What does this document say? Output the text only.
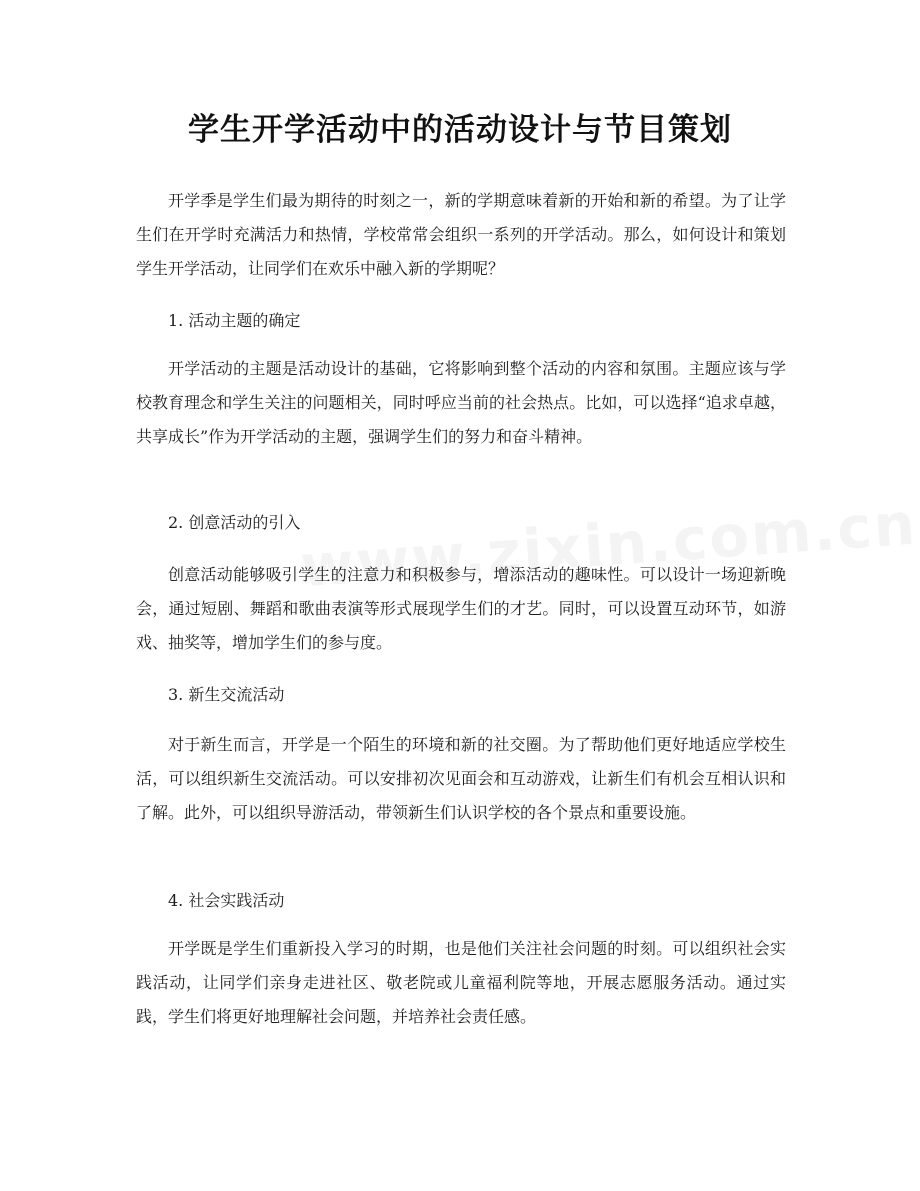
学生开学活动中的活动设计与节目策划

开学季是学生们最为期待的时刻之一，新的学期意味着新的开始和新的希望。为了让学生们在开学时充满活力和热情，学校常常会组织一系列的开学活动。那么，如何设计和策划学生开学活动，让同学们在欢乐中融入新的学期呢？

1. 活动主题的确定

开学活动的主题是活动设计的基础，它将影响到整个活动的内容和氛围。主题应该与学校教育理念和学生关注的问题相关，同时呼应当前的社会热点。比如，可以选择“追求卓越，共享成长”作为开学活动的主题，强调学生们的努力和奋斗精神。

2. 创意活动的引入

创意活动能够吸引学生的注意力和积极参与，增添活动的趣味性。可以设计一场迎新晚会，通过短剧、舞蹈和歌曲表演等形式展现学生们的才艺。同时，可以设置互动环节，如游戏、抽奖等，增加学生们的参与度。

3. 新生交流活动

对于新生而言，开学是一个陌生的环境和新的社交圈。为了帮助他们更好地适应学校生活，可以组织新生交流活动。可以安排初次见面会和互动游戏，让新生们有机会互相认识和了解。此外，可以组织导游活动，带领新生们认识学校的各个景点和重要设施。

4. 社会实践活动

开学既是学生们重新投入学习的时期，也是他们关注社会问题的时刻。可以组织社会实践活动，让同学们亲身走进社区、敬老院或儿童福利院等地，开展志愿服务活动。通过实践，学生们将更好地理解社会问题，并培养社会责任感。
